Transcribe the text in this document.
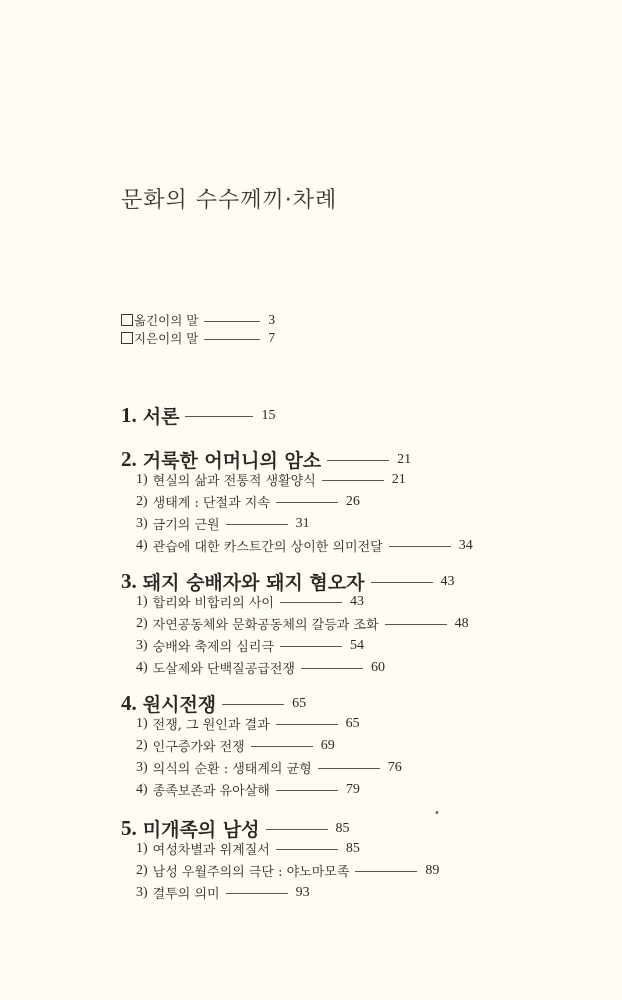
문화의 수수께끼·차례
옮긴이의 말	3
지은이의 말	7
1. 서론	15
2. 거룩한 어머니의 암소	21
1) 현실의 삶과 전통적 생활양식	21
2) 생태계 : 단절과 지속	26
3) 금기의 근원	31
4) 관습에 대한 카스트간의 상이한 의미전달	34
3. 돼지 숭배자와 돼지 혐오자	43
1) 합리와 비합리의 사이	43
2) 자연공동체와 문화공동체의 갈등과 조화	48
3) 숭배와 축제의 심리극	54
4) 도살제와 단백질공급전쟁	60
4. 원시전쟁	65
1) 전쟁, 그 원인과 결과	65
2) 인구증가와 전쟁	69
3) 의식의 순환 : 생태계의 균형	76
4) 종족보존과 유아살해	79
5. 미개족의 남성	85
1) 여성차별과 위계질서	85
2) 남성 우월주의의 극단 : 야노마모족	89
3) 결투의 의미	93
